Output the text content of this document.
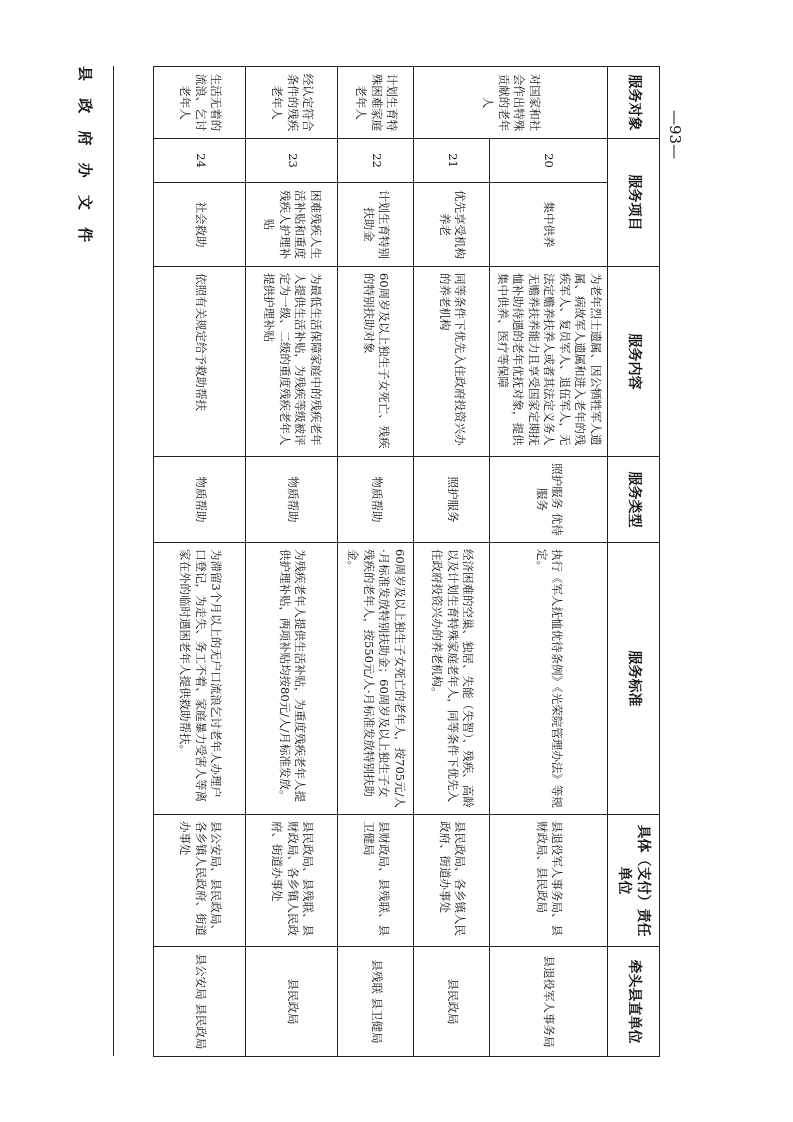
县 政 府 办 文 件	—93—
服务对象	服务项目		服务内容	服务类型	服务标准	具体（支付）责任单位	牵头县直单位
对国家和社会作出特殊贡献的老年人	20	集中供养	为老年烈士遗属、因公牺牲军人遗属、病故军人遗属和进入老年的残疾军人、复员军人、退伍军人，无法定赡养扶养人或者其法定义务人无赡养扶养能力且享受国家定期抚恤补助待遇的老年优抚对象，提供集中供养、医疗等保障	照护服务 优待服务	执行《军人抚恤优待条例》《光荣院管理办法》等规定。	县退役军人事务局、县财政局、县民政局	县退役军人事务局
	21	优先享受机构养老	同等条件下优先入住政府投资兴办的养老机构	照护服务	经济困难的空巢、独居、失能（失智）、残疾、高龄以及计划生育特殊家庭老年人，同等条件下优先入住政府投资兴办的养老机构。	县民政局、各乡镇人民政府、街道办事处	县民政局
计划生育特殊困难家庭老年人	22	计划生育特别扶助金	60周岁及以上独生子女死亡、残疾的特别扶助对象	物质帮助	60周岁及以上独生子女死亡的老年人，按705元/人·月标准发放特别扶助金；60周岁及以上独生子女残疾的老年人，按550元/人·月标准发放特别扶助金。	县财政局、县残联、县卫健局	县残联 县卫健局
经认定符合条件的残疾老年人	23	困难残疾人生活补贴和重度残疾人护理补贴	为最低生活保障家庭中的残疾老年人提供生活补贴，为残疾等级被评定为一级、二级的重度残疾老年人提供护理补贴	物质帮助	为残疾老年人提供生活补贴，为重度残疾老年人提供护理补贴，两项补贴均按80元/人/月标准发放。	县民政局、县残联、县财政局、各乡镇人民政府、街道办事处	县民政局
生活无着的流浪、乞讨老年人	24	社会救助	依照有关规定给予救助帮扶	物质帮助	为滞留3个月以上的无户口流浪乞讨老年人办理户口登记，为走失、务工不着、家庭暴力受害人等离家在外的临时遇困老年人提供救助帮扶。	县公安局、县民政局、各乡镇人民政府、街道办事处	县公安局 县民政局
